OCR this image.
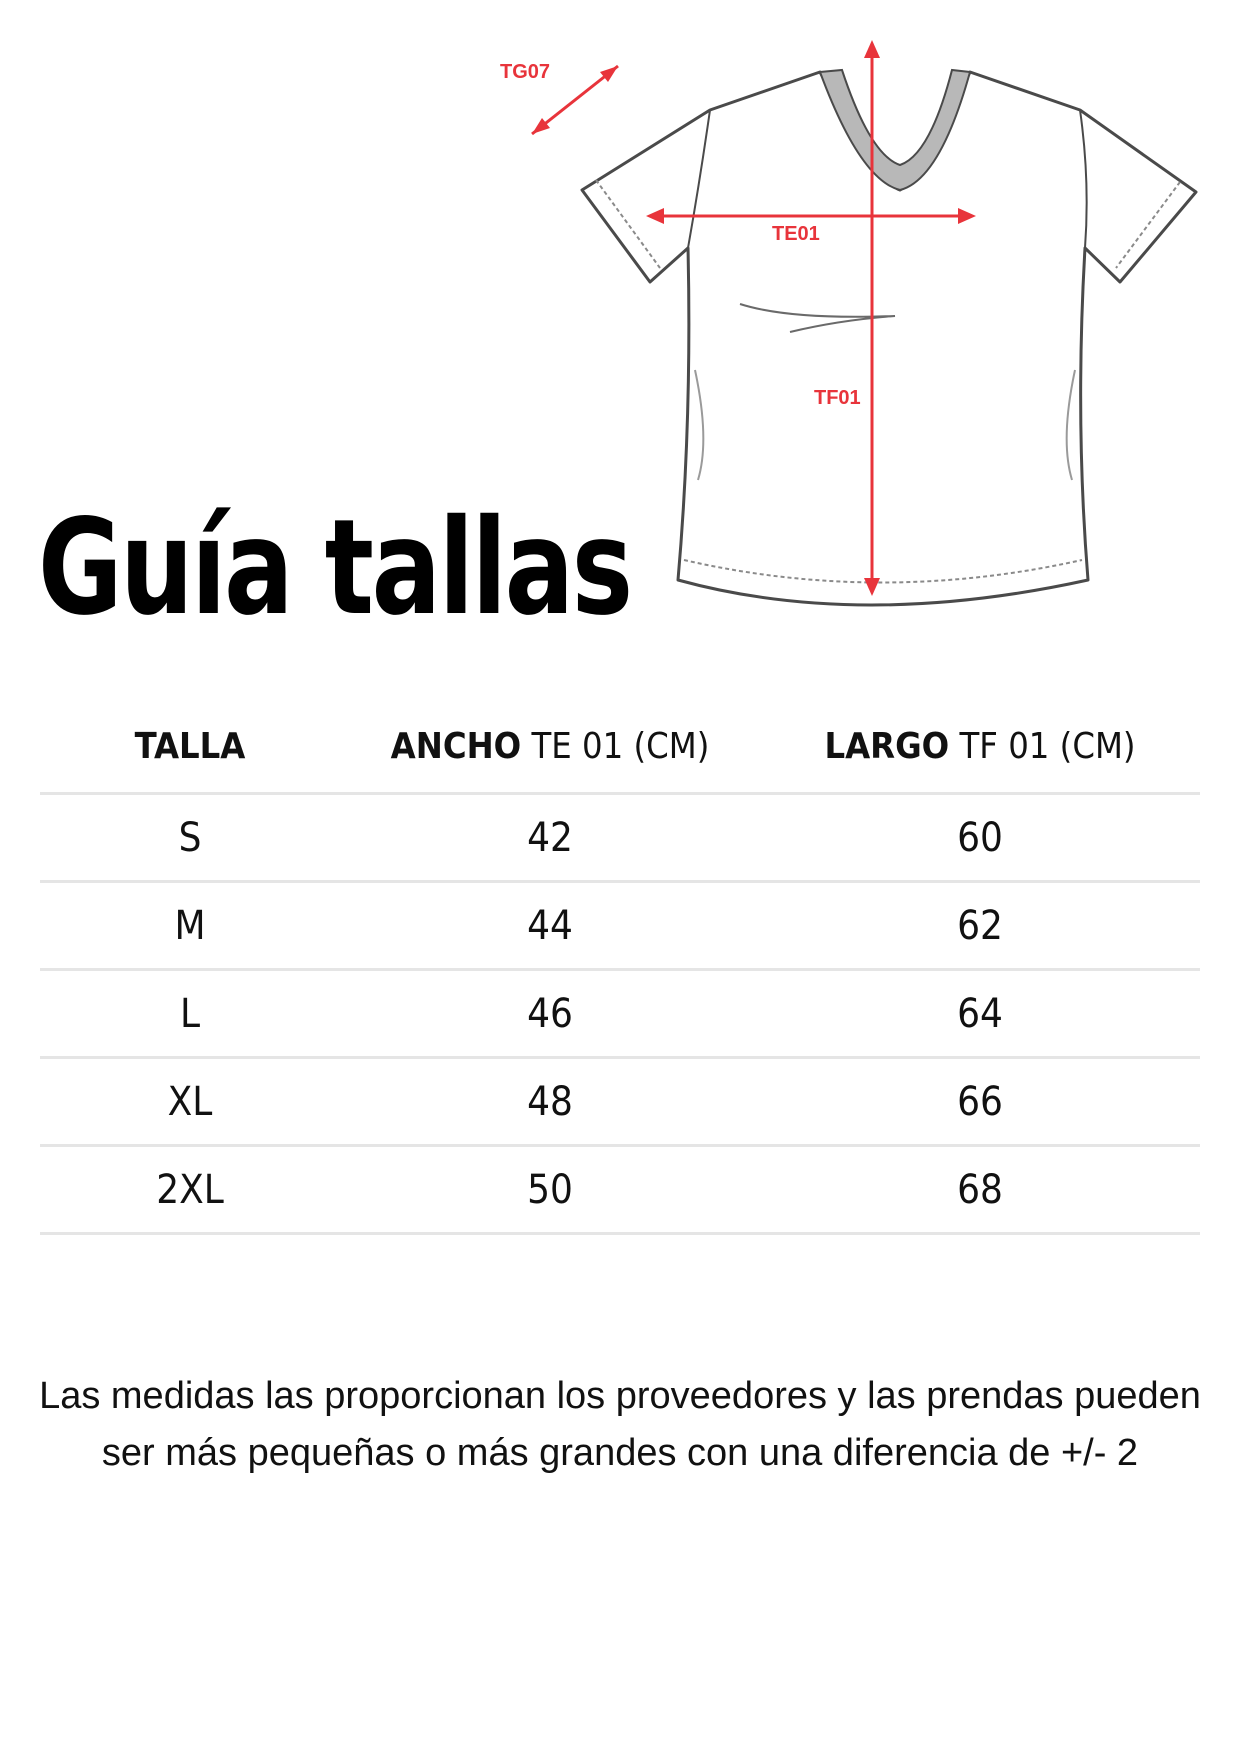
Guía tallas
TG07
TE01
TF01
TALLA	ANCHO TE 01 (CM)	LARGO TF 01 (CM)
S	42	60
M	44	62
L	46	64
XL	48	66
2XL	50	68

Las medidas las proporcionan los proveedores y las prendas pueden ser más pequeñas o más grandes con una diferencia de +/- 2
